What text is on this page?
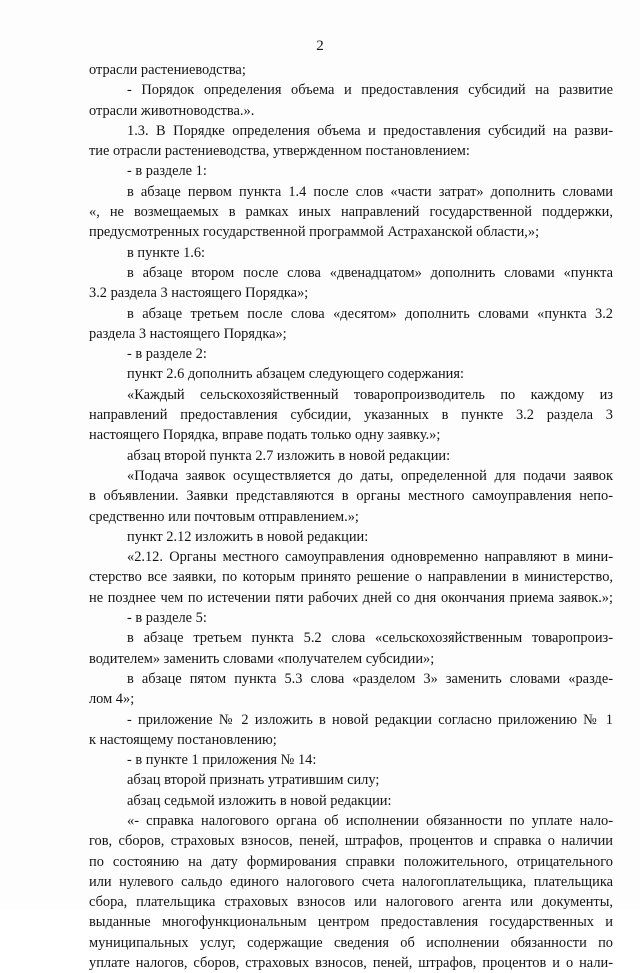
2
отрасли растениеводства;
- Порядок определения объема и предоставления субсидий на развитие
отрасли животноводства.».
1.3. В Порядке определения объема и предоставления субсидий на разви-
тие отрасли растениеводства, утвержденном постановлением:
- в разделе 1:
в абзаце первом пункта 1.4 после слов «части затрат» дополнить словами
«, не возмещаемых в рамках иных направлений государственной поддержки,
предусмотренных государственной программой Астраханской области,»;
в пункте 1.6:
в абзаце втором после слова «двенадцатом» дополнить словами «пункта
3.2 раздела 3 настоящего Порядка»;
в абзаце третьем после слова «десятом» дополнить словами «пункта 3.2
раздела 3 настоящего Порядка»;
- в разделе 2:
пункт 2.6 дополнить абзацем следующего содержания:
«Каждый сельскохозяйственный товаропроизводитель по каждому из
направлений предоставления субсидии, указанных в пункте 3.2 раздела 3
настоящего Порядка, вправе подать только одну заявку.»;
абзац второй пункта 2.7 изложить в новой редакции:
«Подача заявок осуществляется до даты, определенной для подачи заявок
в объявлении. Заявки представляются в органы местного самоуправления непо-
средственно или почтовым отправлением.»;
пункт 2.12 изложить в новой редакции:
«2.12. Органы местного самоуправления одновременно направляют в мини-
стерство все заявки, по которым принято решение о направлении в министерство,
не позднее чем по истечении пяти рабочих дней со дня окончания приема заявок.»;
- в разделе 5:
в абзаце третьем пункта 5.2 слова «сельскохозяйственным товаропроиз-
водителем» заменить словами «получателем субсидии»;
в абзаце пятом пункта 5.3 слова «разделом 3» заменить словами «разде-
лом 4»;
- приложение № 2 изложить в новой редакции согласно приложению № 1
к настоящему постановлению;
- в пункте 1 приложения № 14:
абзац второй признать утратившим силу;
абзац седьмой изложить в новой редакции:
«- справка налогового органа об исполнении обязанности по уплате нало-
гов, сборов, страховых взносов, пеней, штрафов, процентов и справка о наличии
по состоянию на дату формирования справки положительного, отрицательного
или нулевого сальдо единого налогового счета налогоплательщика, плательщика
сбора, плательщика страховых взносов или налогового агента или документы,
выданные многофункциональным центром предоставления государственных и
муниципальных услуг, содержащие сведения об исполнении обязанности по
уплате налогов, сборов, страховых взносов, пеней, штрафов, процентов и о нали-
